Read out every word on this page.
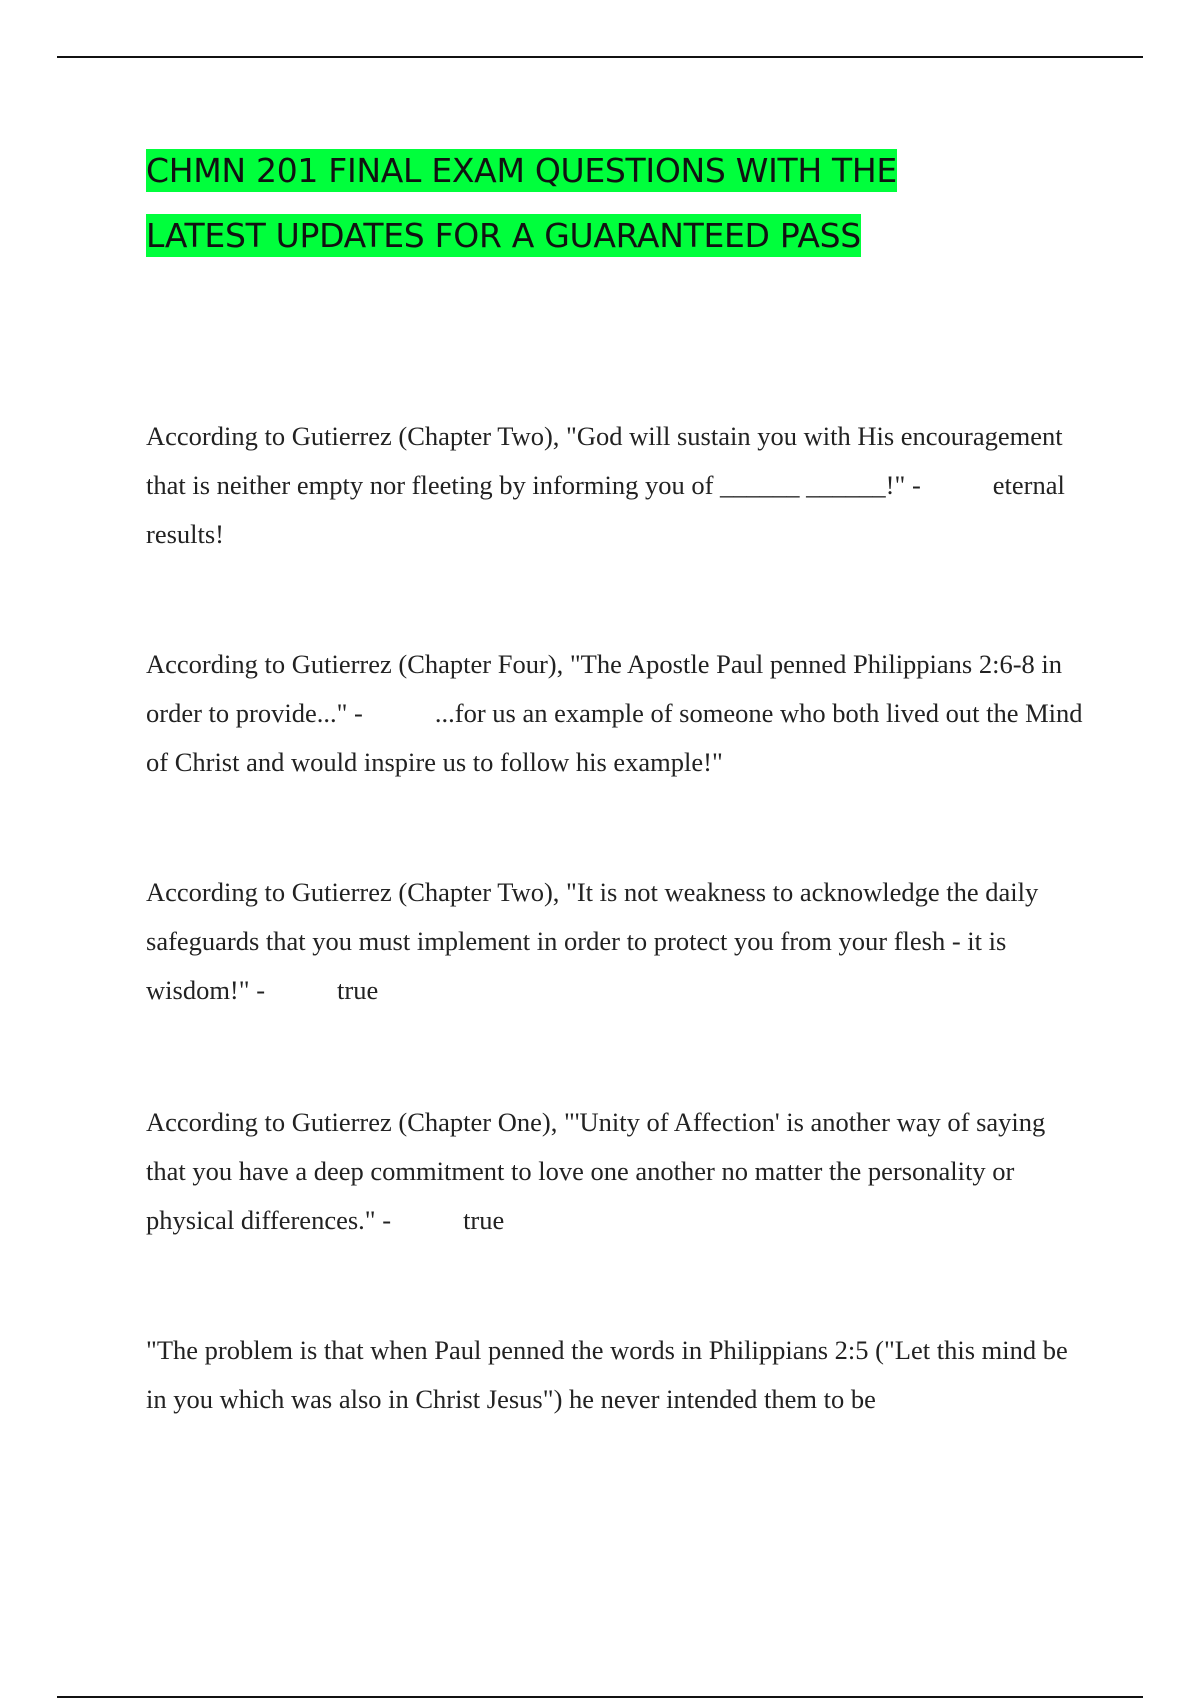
CHMN 201 FINAL EXAM QUESTIONS WITH THE
LATEST UPDATES FOR A GUARANTEED PASS

According to Gutierrez (Chapter Two), "God will sustain you with His encouragement that is neither empty nor fleeting by informing you of ______ ______!" -	eternal results!

According to Gutierrez (Chapter Four), "The Apostle Paul penned Philippians 2:6-8 in order to provide..." -	...for us an example of someone who both lived out the Mind of Christ and would inspire us to follow his example!"

According to Gutierrez (Chapter Two), "It is not weakness to acknowledge the daily safeguards that you must implement in order to protect you from your flesh - it is wisdom!" -	true

According to Gutierrez (Chapter One), "'Unity of Affection' is another way of saying that you have a deep commitment to love one another no matter the personality or physical differences." -	true

"The problem is that when Paul penned the words in Philippians 2:5 ("Let this mind be in you which was also in Christ Jesus") he never intended them to be
